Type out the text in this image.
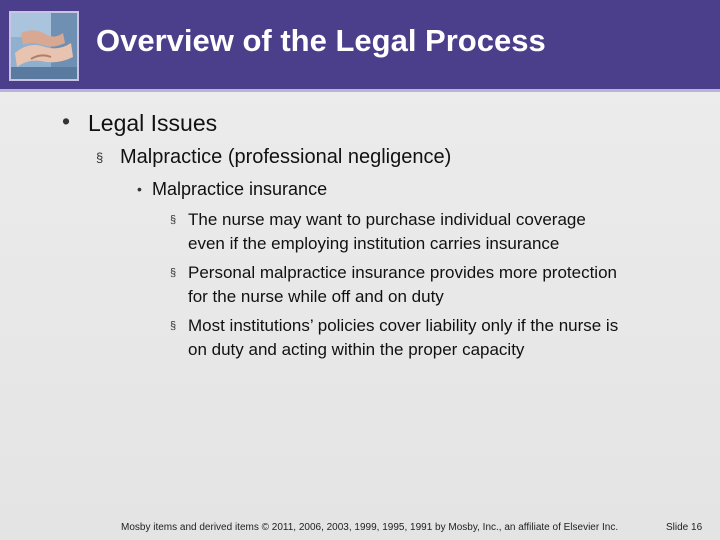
Overview of the Legal Process
• Legal Issues
§ Malpractice (professional negligence)
• Malpractice insurance
§ The nurse may want to purchase individual coverage
even if the employing institution carries insurance
§ Personal malpractice insurance provides more protection
for the nurse while off and on duty
§ Most institutions’ policies cover liability only if the nurse is
on duty and acting within the proper capacity
Mosby items and derived items © 2011, 2006, 2003, 1999, 1995, 1991 by Mosby, Inc., an affiliate of Elsevier Inc.	Slide 16
